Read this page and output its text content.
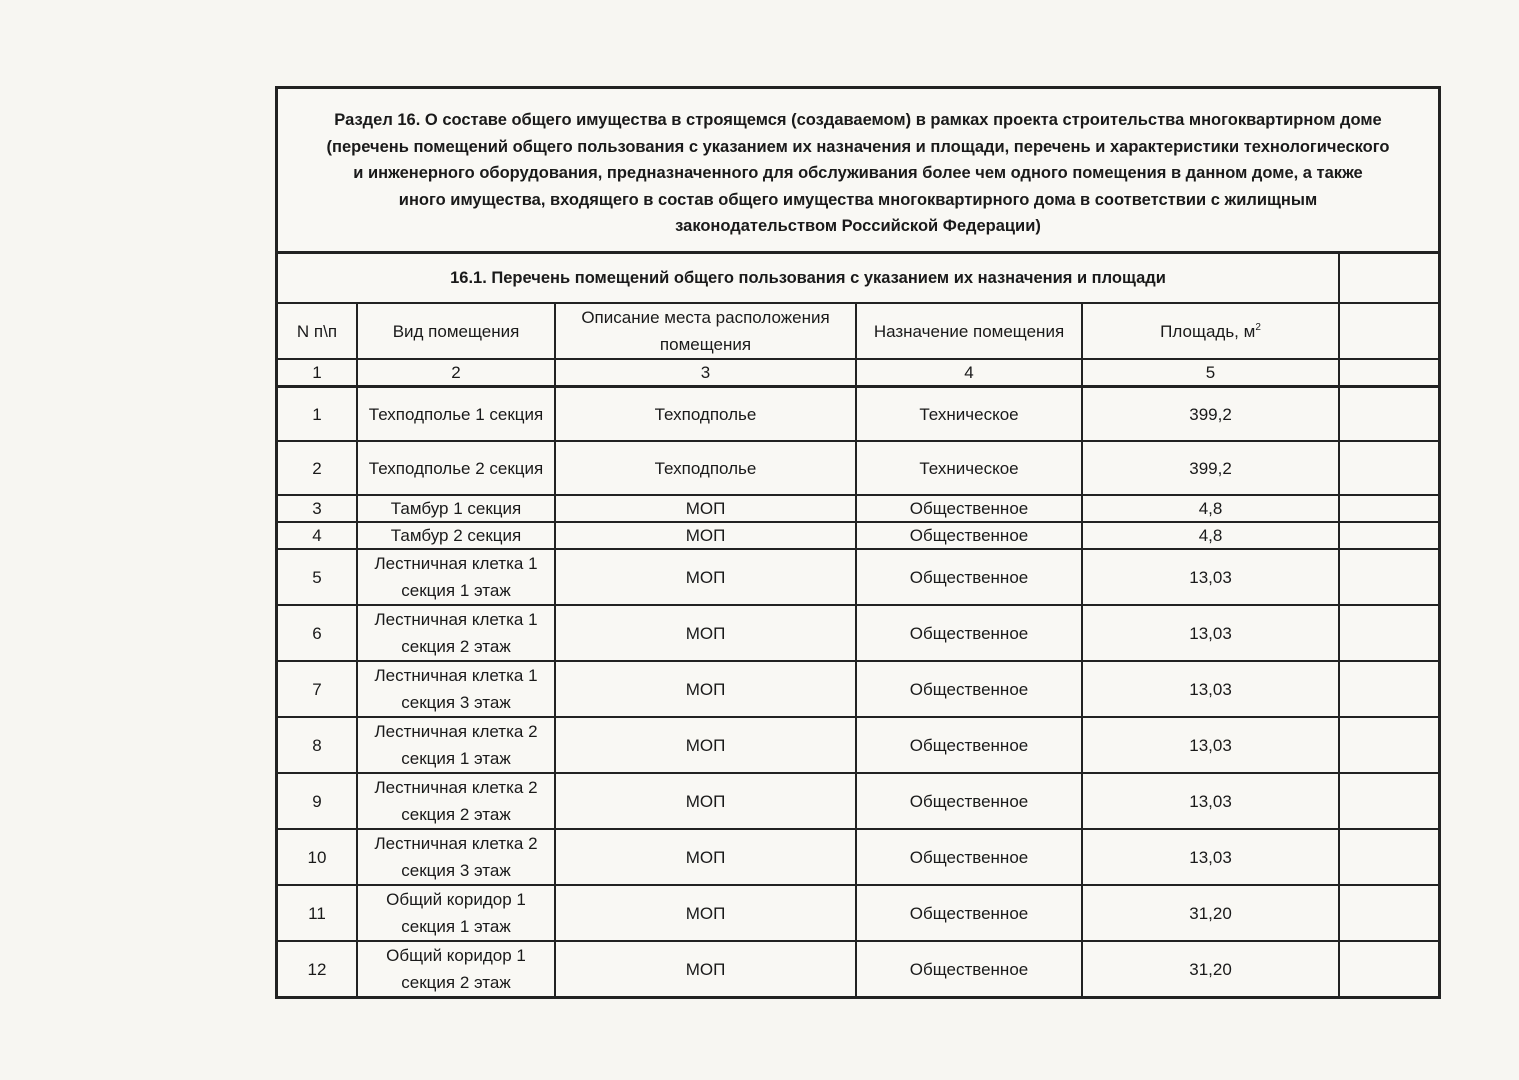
Раздел 16. О составе общего имущества в строящемся (создаваемом) в рамках проекта строительства многоквартирном доме
(перечень помещений общего пользования с указанием их назначения и площади, перечень и характеристики технологического
и инженерного оборудования, предназначенного для обслуживания более чем одного помещения в данном доме, а также
иного имущества, входящего в состав общего имущества многоквартирного дома в соответствии с жилищным
законодательством Российской Федерации)
16.1. Перечень помещений общего пользования с указанием их назначения и площади					
N п\п	Вид помещения	Описание места расположения помещения	Назначение помещения	Площадь, $м^2$	
1	2	3	4	5	
1	Техподполье 1 секция	Техподполье	Техническое	399,2	
2	Техподполье 2 секция	Техподполье	Техническое	399,2	
3	Тамбур 1 секция	МОП	Общественное	4,8	
4	Тамбур 2 секция	МОП	Общественное	4,8	
5	Лестничная клетка 1 секция 1 этаж	МОП	Общественное	13,03	
6	Лестничная клетка 1 секция 2 этаж	МОП	Общественное	13,03	
7	Лестничная клетка 1 секция 3 этаж	МОП	Общественное	13,03	
8	Лестничная клетка 2 секция 1 этаж	МОП	Общественное	13,03	
9	Лестничная клетка 2 секция 2 этаж	МОП	Общественное	13,03	
10	Лестничная клетка 2 секция 3 этаж	МОП	Общественное	13,03	
11	Общий коридор 1 секция 1 этаж	МОП	Общественное	31,20	
12	Общий коридор 1 секция 2 этаж	МОП	Общественное	31,20	
